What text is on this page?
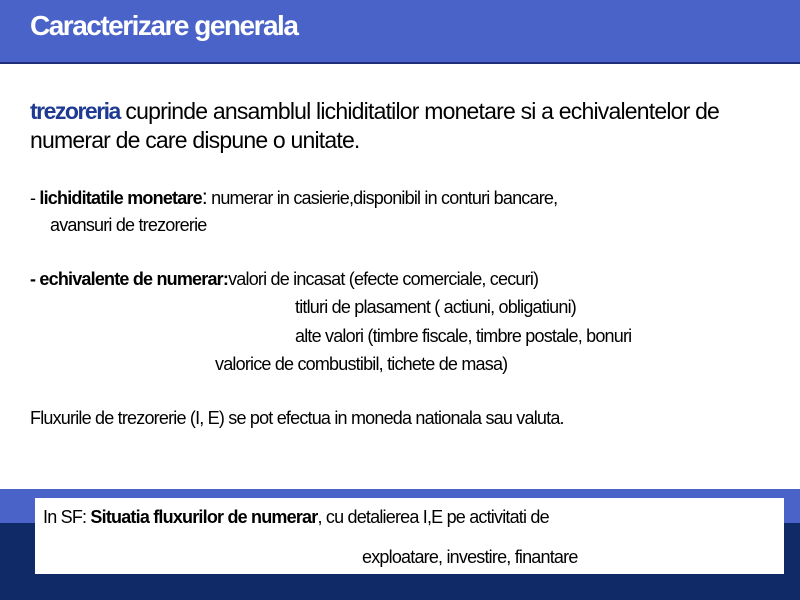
Caracterizare generala
trezoreria cuprinde ansamblul lichiditatilor monetare si a echivalentelor de
numerar de care dispune o unitate.
- lichiditatile monetare: numerar in casierie,disponibil in conturi bancare,
avansuri de trezorerie
- echivalente de numerar:valori de incasat (efecte comerciale, cecuri)
titluri de plasament ( actiuni, obligatiuni)
alte valori (timbre fiscale, timbre postale, bonuri
valorice de combustibil, tichete de masa)
Fluxurile de trezorerie (I, E) se pot efectua in moneda nationala sau valuta.
In SF: Situatia fluxurilor de numerar, cu detalierea I,E pe activitati de
exploatare, investire, finantare
